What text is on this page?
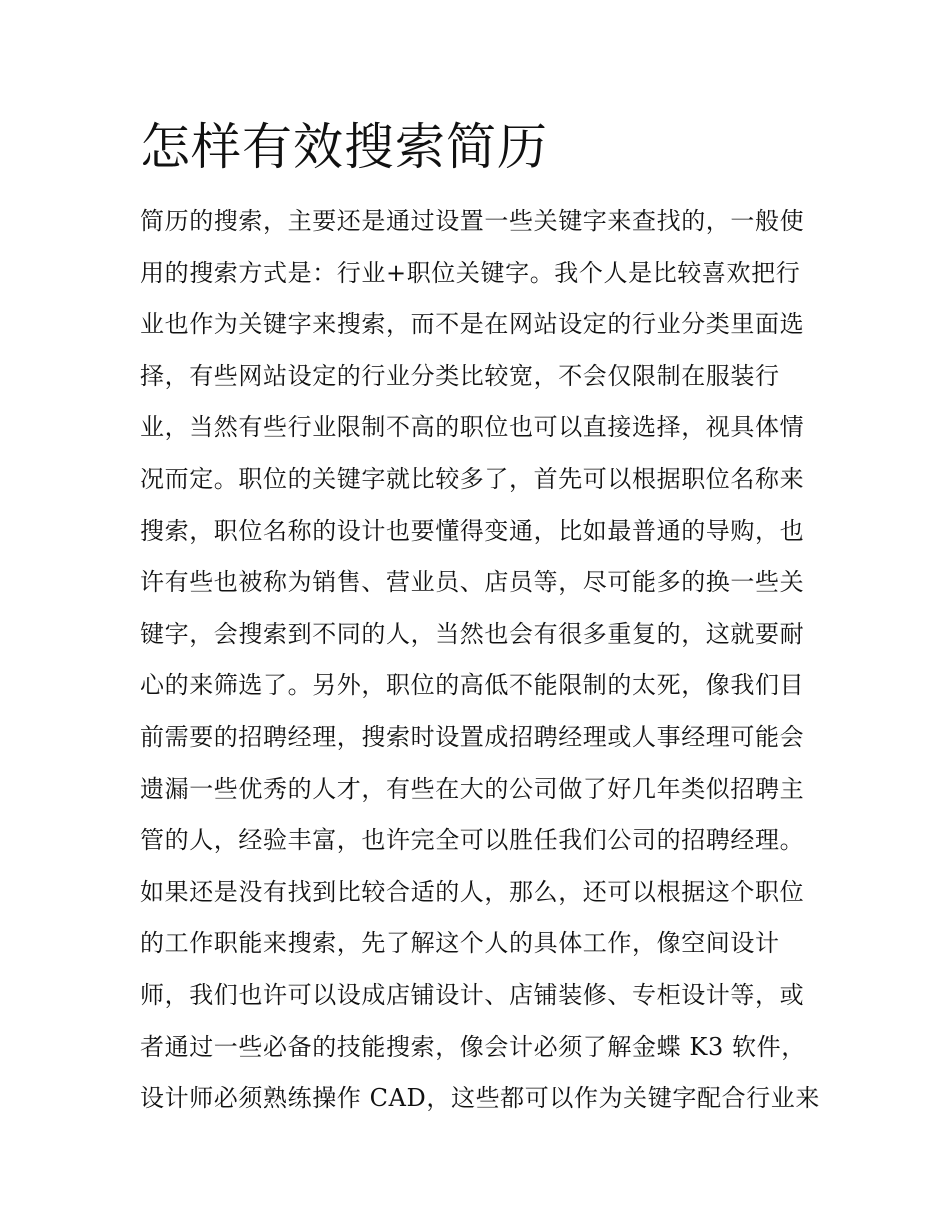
怎样有效搜索简历
简历的搜索，主要还是通过设置一些关键字来查找的，一般使
用的搜索方式是：行业+职位关键字。我个人是比较喜欢把行
业也作为关键字来搜索，而不是在网站设定的行业分类里面选
择，有些网站设定的行业分类比较宽，不会仅限制在服装行
业，当然有些行业限制不高的职位也可以直接选择，视具体情
况而定。职位的关键字就比较多了，首先可以根据职位名称来
搜索，职位名称的设计也要懂得变通，比如最普通的导购，也
许有些也被称为销售、营业员、店员等，尽可能多的换一些关
键字，会搜索到不同的人，当然也会有很多重复的，这就要耐
心的来筛选了。另外，职位的高低不能限制的太死，像我们目
前需要的招聘经理，搜索时设置成招聘经理或人事经理可能会
遗漏一些优秀的人才，有些在大的公司做了好几年类似招聘主
管的人，经验丰富，也许完全可以胜任我们公司的招聘经理。
如果还是没有找到比较合适的人，那么，还可以根据这个职位
的工作职能来搜索，先了解这个人的具体工作，像空间设计
师，我们也许可以设成店铺设计、店铺装修、专柜设计等，或
者通过一些必备的技能搜索，像会计必须了解金蝶 K3 软件，
设计师必须熟练操作 CAD，这些都可以作为关键字配合行业来
